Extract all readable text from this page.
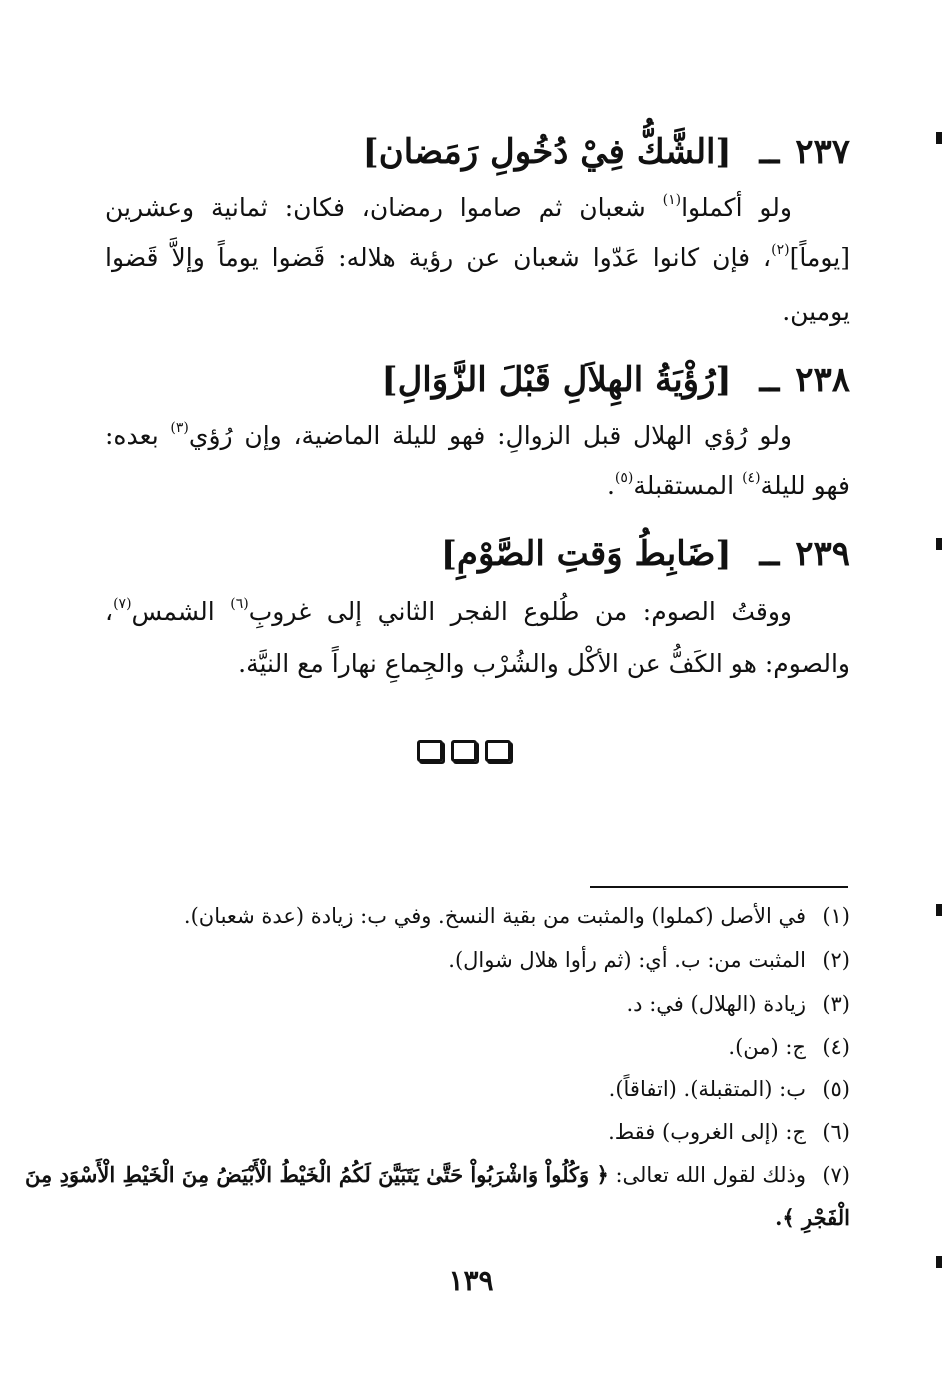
٢٣٧ ــ [الشَّكُّ فِيْ دُخُولِ رَمَضان]
ولو أكملوا$^{(١)}$ شعبان ثم صاموا رمضان، فكان: ثمانية وعشرين
[يوماً]$^{(٢)}$، فإن كانوا عَدّوا شعبان عن رؤية هلاله: قَضوا يوماً وإلاَّ قَضوا
يومين.
٢٣٨ ــ [رُؤْيَةُ الهِلاَلِ قَبْلَ الزَّوَالِ]
ولو رُؤي الهلال قبل الزوالِ: فهو لليلة الماضية، وإن رُؤي$^{(٣)}$ بعده:
فهو لليلة$^{(٤)}$ المستقبلة$^{(٥)}$.
٢٣٩ ــ [ضَابِطُ وَقتِ الصَّوْمِ]
ووقتُ الصوم: من طُلوع الفجر الثاني إلى غروبِ$^{(٦)}$ الشمس$^{(٧)}$،
والصوم: هو الكَفُّ عن الأكْل والشُرْب والجِماعِ نهاراً مع النيَّة.
(١)في الأصل (كملوا) والمثبت من بقية النسخ. وفي ب: زيادة (عدة شعبان).
(٢)المثبت من: ب. أي: (ثم رأوا هلال شوال).
(٣)زيادة (الهلال) في: د.
(٤)ج: (من).
(٥)ب: (المتقبلة). (اتفاقاً).
(٦)ج: (إلى الغروب) فقط.
(٧)وذلك لقول الله تعالى: ﴿ وَكُلُواْ وَاشْرَبُواْ حَتَّىٰ يَتَبَيَّنَ لَكُمُ الْخَيْطُ الْأَبْيَضُ مِنَ الْخَيْطِ الْأَسْوَدِ مِنَ
الْفَجْرِ ﴾.
١٣٩
